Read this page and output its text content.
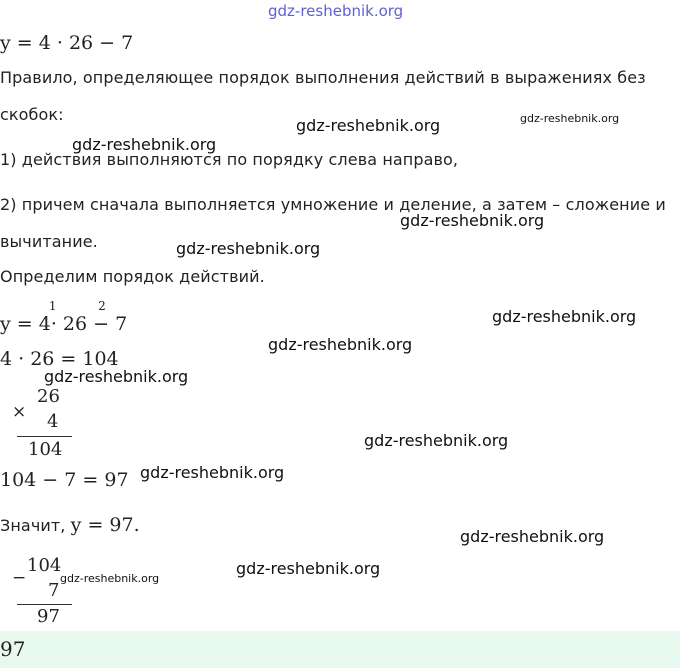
gdz-reshebnik.org
y = 4 · 26 − 7
Правило, определяющее порядок выполнения действий в выражениях без
скобок:
1) действия выполняются по порядку слева направо,
2) причем сначала выполняется умножение и деление, а затем – сложение и
вычитание.
Определим порядок действий.
y = 4
1
· 26
2
− 7
4 · 26 = 104
×
26
4
104
104 − 7 = 97
Значит, y = 97.
−
104
7
97
97
gdz-reshebnik.org
gdz-reshebnik.org	gdz-reshebnik.org
gdz-reshebnik.org
gdz-reshebnik.org
gdz-reshebnik.org
gdz-reshebnik.org
gdz-reshebnik.org
gdz-reshebnik.org
gdz-reshebnik.org
gdz-reshebnik.org
gdz-reshebnik.org
gdz-reshebnik.org
